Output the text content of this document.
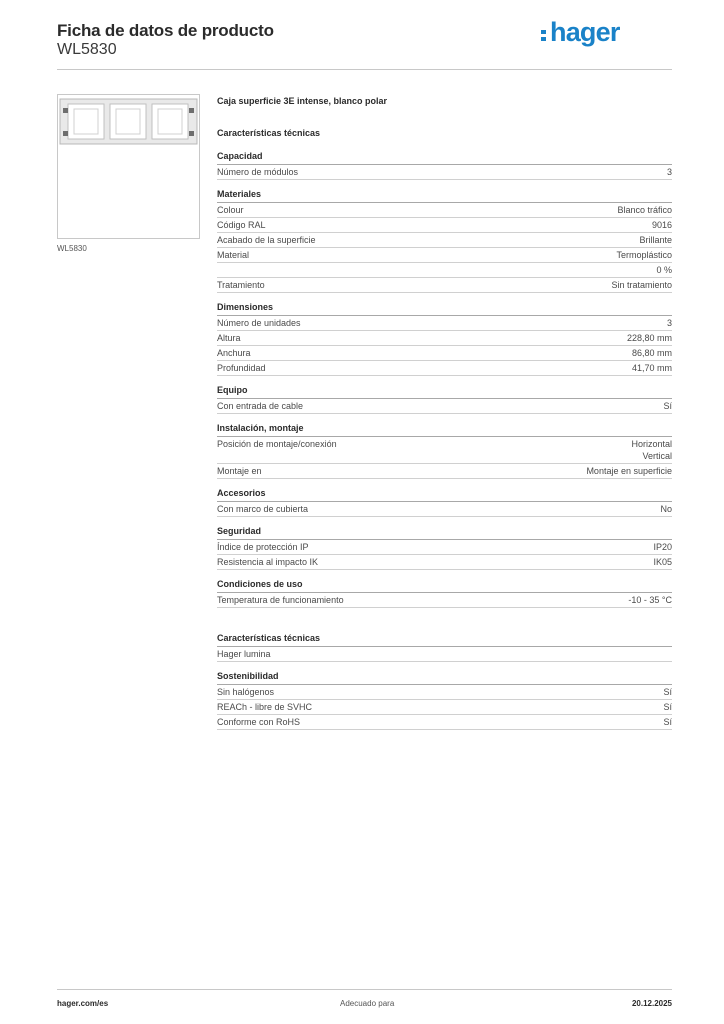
Ficha de datos de producto
WL5830
hager
WL5830
Caja superficie 3E intense, blanco polar
Características técnicas
Capacidad
Número de módulos	3
Materiales
Colour	Blanco tráfico
Código RAL	9016
Acabado de la superficie	Brillante
Material	Termoplástico
0 %
Tratamiento	Sin tratamiento
Dimensiones
Número de unidades	3
Altura	228,80 mm
Anchura	86,80 mm
Profundidad	41,70 mm
Equipo
Con entrada de cable	Sí
Instalación, montaje
Posición de montaje/conexión	Horizontal
Vertical
Montaje en	Montaje en superficie
Accesorios
Con marco de cubierta	No
Seguridad
Índice de protección IP	IP20
Resistencia al impacto IK	IK05
Condiciones de uso
Temperatura de funcionamiento	-10 - 35 °C
Características técnicas
Hager lumina
Sostenibilidad
Sin halógenos	Sí
REACh - libre de SVHC	Sí
Conforme con RoHS	Sí
hager.com/es	Adecuado para	20.12.2025
